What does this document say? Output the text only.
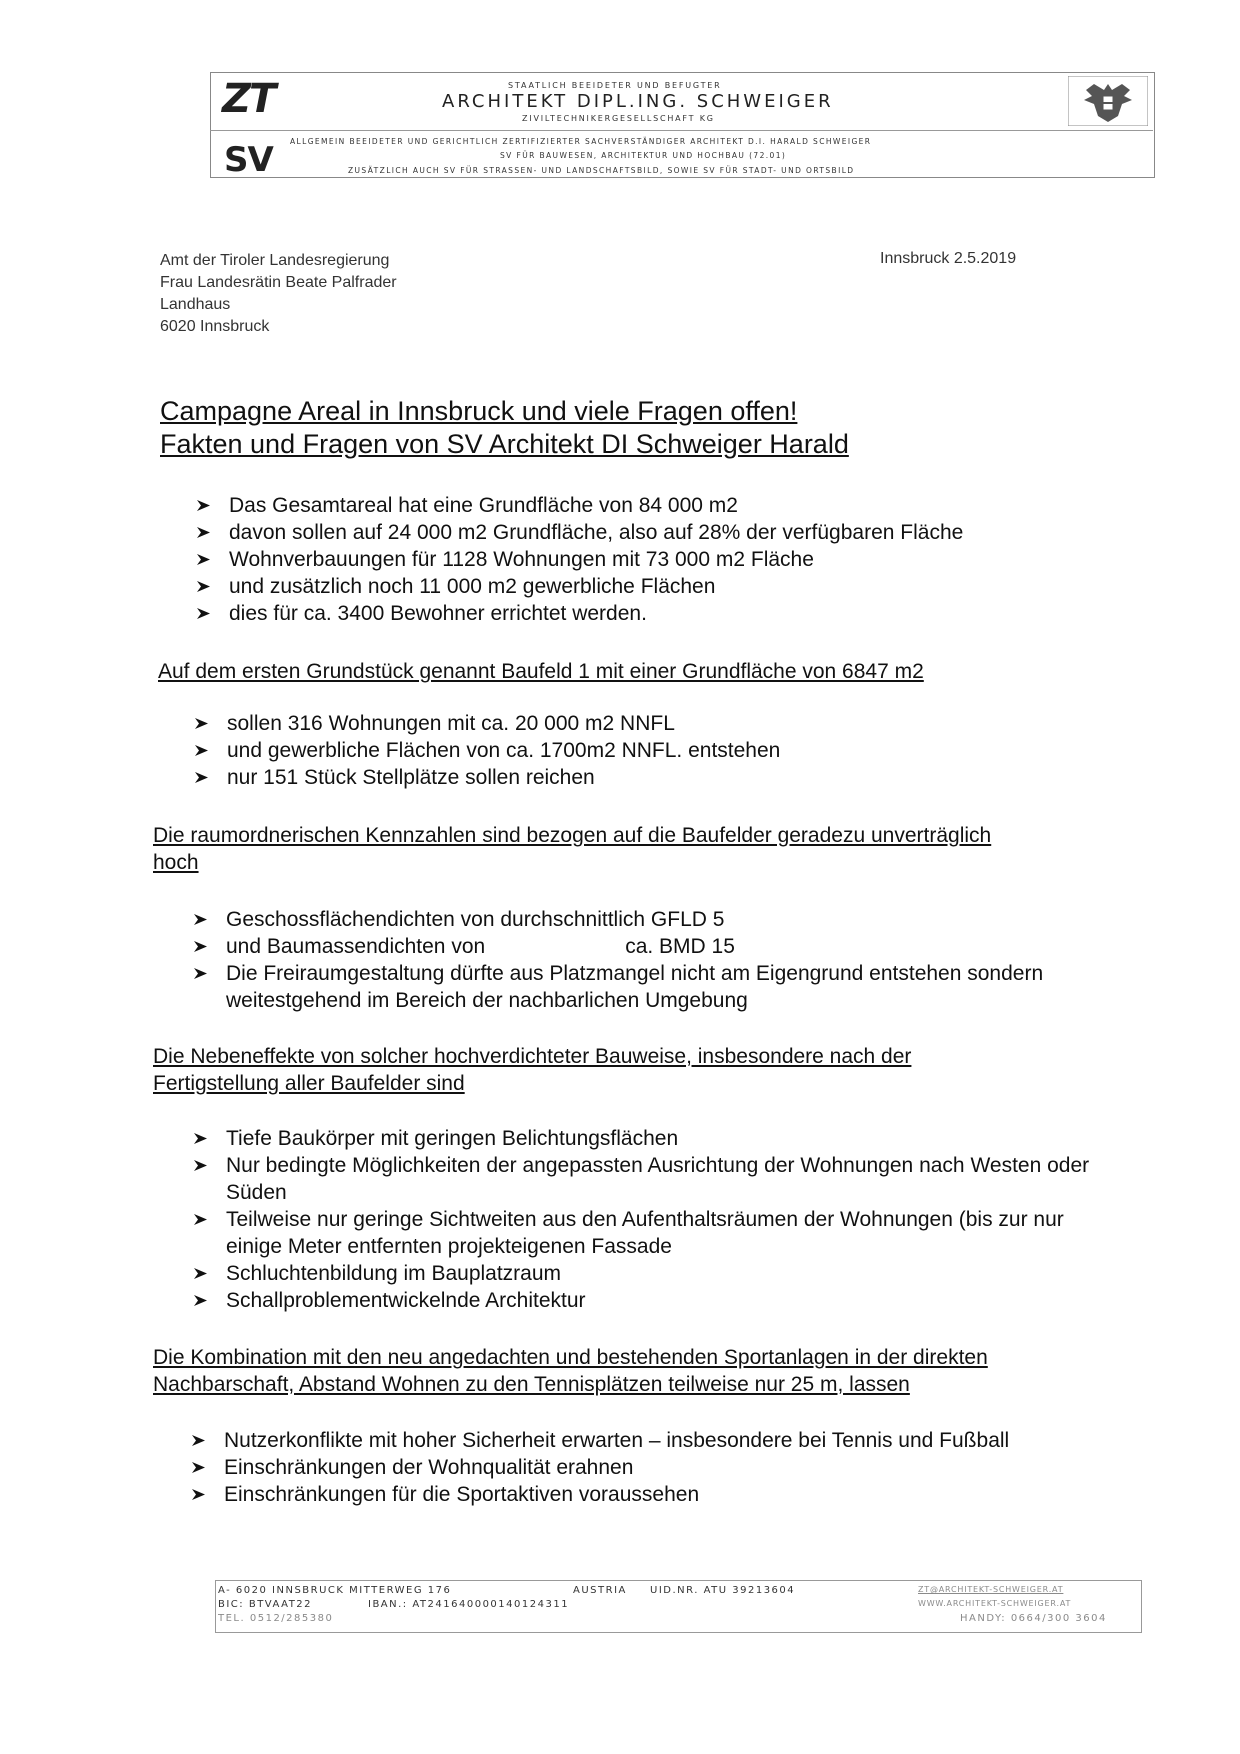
ZT
SV
STAATLICH BEEIDETER UND BEFUGTER
ARCHITEKT DIPL.ING. SCHWEIGER
ZIVILTECHNIKERGESELLSCHAFT KG
ALLGEMEIN BEEIDETER UND GERICHTLICH ZERTIFIZIERTER SACHVERSTÄNDIGER ARCHITEKT D.I. HARALD SCHWEIGER
SV FÜR BAUWESEN, ARCHITEKTUR UND HOCHBAU (72.01)
ZUSÄTZLICH AUCH SV FÜR STRASSEN- UND LANDSCHAFTSBILD, SOWIE SV FÜR STADT- UND ORTSBILD
Amt der Tiroler Landesregierung
Frau Landesrätin Beate Palfrader
Landhaus
6020 Innsbruck
Innsbruck 2.5.2019
Campagne Areal in Innsbruck und viele Fragen offen!
Fakten und Fragen von SV Architekt DI Schweiger Harald
Das Gesamtareal hat eine Grundfläche von 84 000 m2
davon sollen auf 24 000 m2 Grundfläche, also auf 28% der verfügbaren Fläche
Wohnverbauungen für 1128 Wohnungen mit 73 000 m2 Fläche
und zusätzlich noch 11 000 m2 gewerbliche Flächen
dies für ca. 3400 Bewohner errichtet werden.
Auf dem ersten Grundstück genannt Baufeld 1 mit einer Grundfläche von 6847 m2
sollen 316 Wohnungen mit ca. 20 000 m2 NNFL
und gewerbliche Flächen von ca. 1700m2 NNFL. entstehen
nur 151 Stück Stellplätze sollen reichen
Die raumordnerischen Kennzahlen sind bezogen auf die Baufelder geradezu unverträglich
hoch
Geschossflächendichten von durchschnittlich GFLD 5
und Baumassendichten von                        ca. BMD 15
Die Freiraumgestaltung dürfte aus Platzmangel nicht am Eigengrund entstehen sondern weitestgehend im Bereich der nachbarlichen Umgebung
Die Nebeneffekte von solcher hochverdichteter Bauweise, insbesondere nach der
Fertigstellung aller Baufelder sind
Tiefe Baukörper mit geringen Belichtungsflächen
Nur bedingte Möglichkeiten der angepassten Ausrichtung der Wohnungen nach Westen oder Süden
Teilweise nur geringe Sichtweiten aus den Aufenthaltsräumen der Wohnungen (bis zur nur einige Meter entfernten projekteigenen Fassade
Schluchtenbildung im Bauplatzraum
Schallproblementwickelnde Architektur
Die Kombination mit den neu angedachten und bestehenden Sportanlagen in der direkten
Nachbarschaft, Abstand Wohnen zu den Tennisplätzen teilweise nur 25 m, lassen
Nutzerkonflikte mit hoher Sicherheit erwarten – insbesondere bei Tennis und Fußball
Einschränkungen der Wohnqualität erahnen
Einschränkungen für die Sportaktiven voraussehen
A- 6020 INNSBRUCK MITTERWEG 176	AUSTRIA UID.NR. ATU 39213604
BIC: BTVAAT22	IBAN.: AT241640000140124311
TEL. 0512/285380
ZT@ARCHITEKT-SCHWEIGER.AT
WWW.ARCHITEKT-SCHWEIGER.AT
HANDY: 0664/300 3604
